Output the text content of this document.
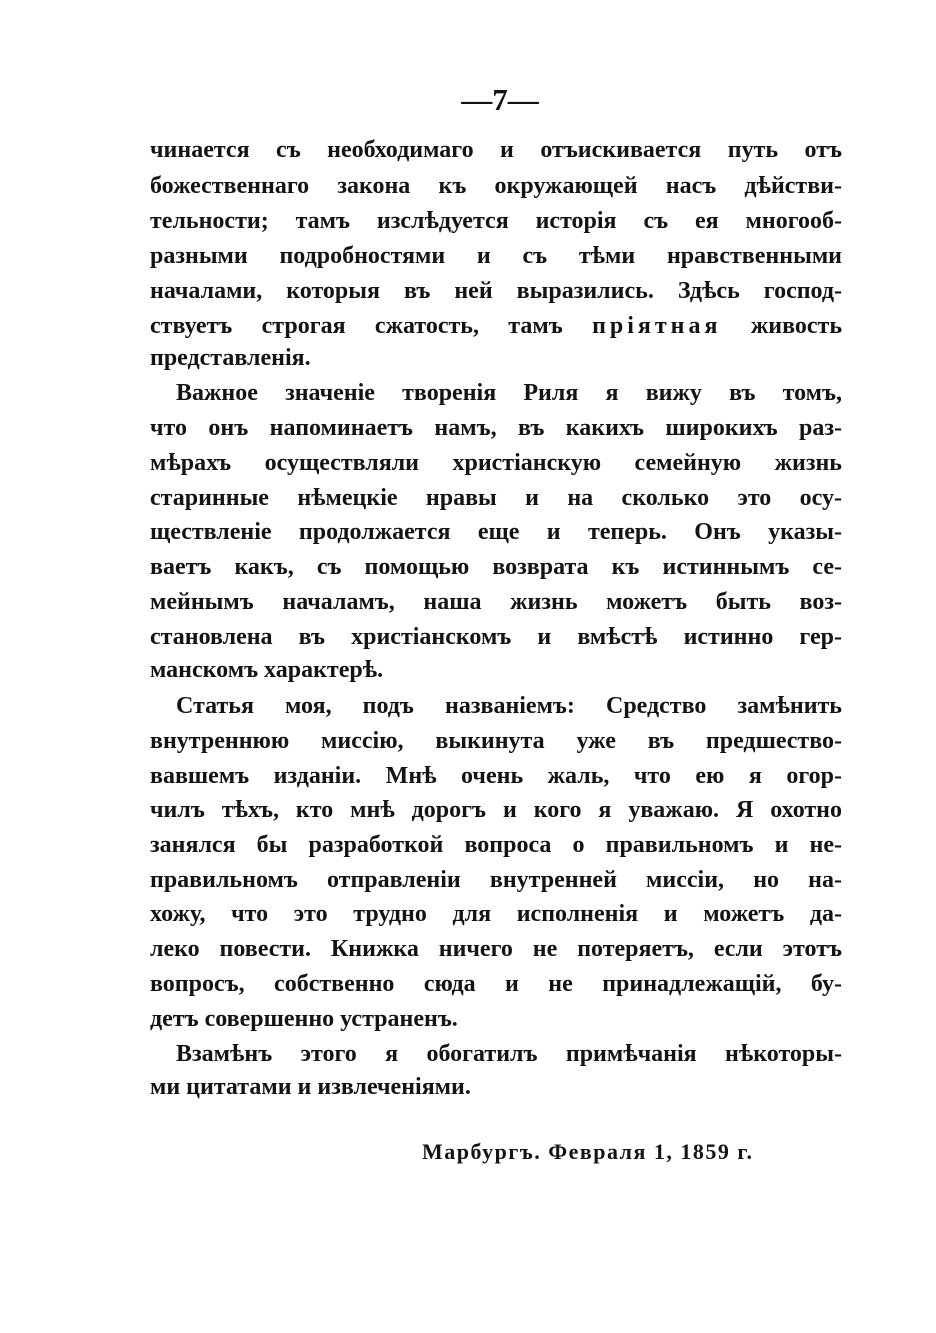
—7—
чинается съ необходимаго и отъискивается путь отъ
божественнаго закона къ окружающей насъ дѣйстви-
тельности; тамъ изслѣдуется исторія съ ея многооб-
разными подробностями и съ тѣми нравственными
началами, которыя въ ней выразились. Здѣсь господ-
ствуетъ строгая сжатость, тамъ пріятная живость
представленія.
Важное значеніе творенія Риля я вижу въ томъ,
что онъ напоминаетъ намъ, въ какихъ широкихъ раз-
мѣрахъ осуществляли христіанскую семейную жизнь
старинные нѣмецкіе нравы и на сколько это осу-
ществленіе продолжается еще и теперь. Онъ указы-
ваетъ какъ, съ помощью возврата къ истиннымъ се-
мейнымъ началамъ, наша жизнь можетъ быть воз-
становлена въ христіанскомъ и вмѣстѣ истинно гер-
манскомъ характерѣ.
Статья моя, подъ названіемъ: Средство замѣнить
внутреннюю миссію, выкинута уже въ предшество-
вавшемъ изданіи. Мнѣ очень жаль, что ею я огор-
чилъ тѣхъ, кто мнѣ дорогъ и кого я уважаю. Я охотно
занялся бы разработкой вопроса о правильномъ и не-
правильномъ отправленіи внутренней миссіи, но на-
хожу, что это трудно для исполненія и можетъ да-
леко повести. Книжка ничего не потеряетъ, если этотъ
вопросъ, собственно сюда и не принадлежащій, бу-
детъ совершенно устраненъ.
Взамѣнъ этого я обогатилъ примѣчанія нѣкоторы-
ми цитатами и извлеченіями.
Марбургъ. Февраля 1, 1859 г.
